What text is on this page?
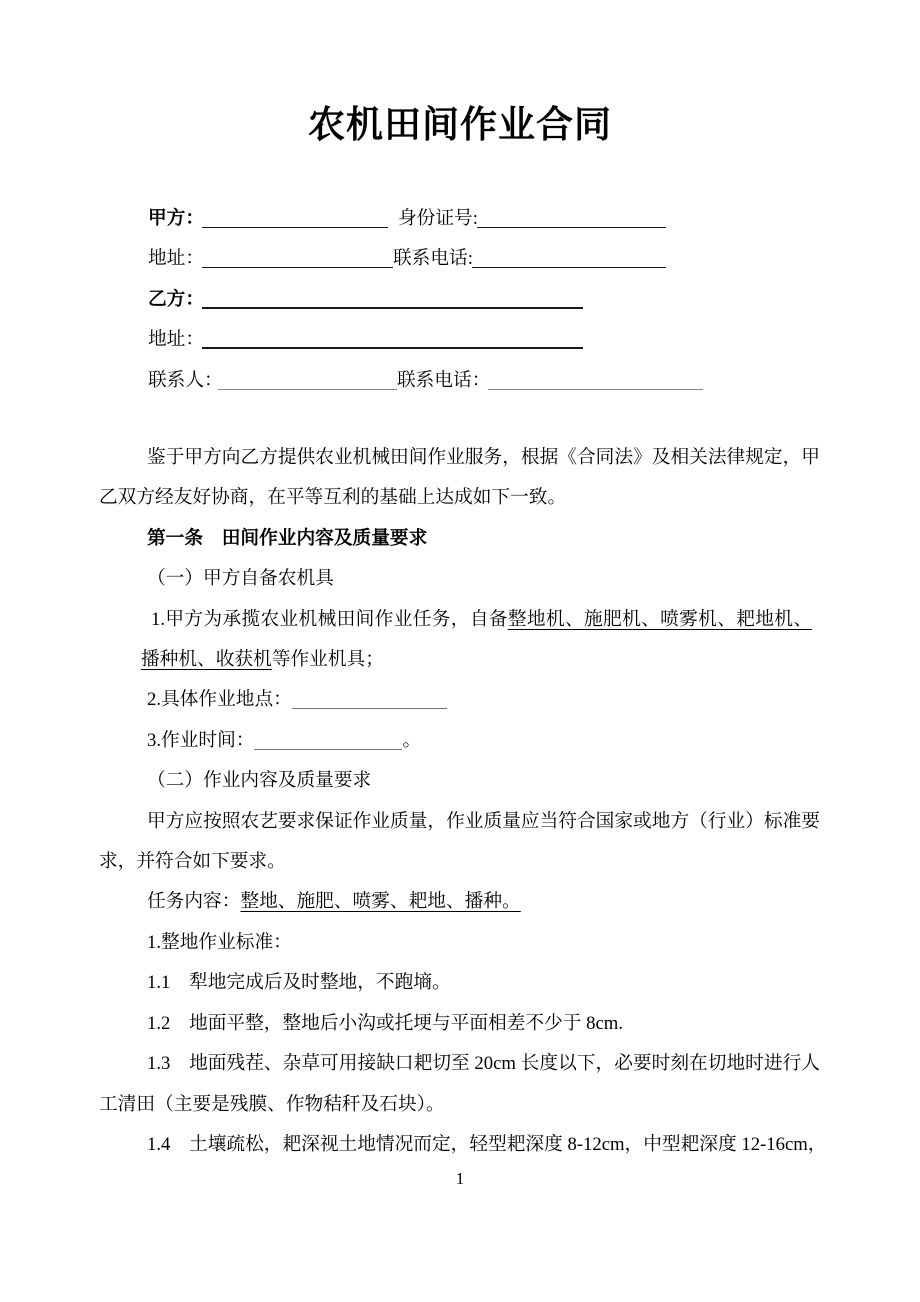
农机田间作业合同
甲方：	身份证号:
地址：	联系电话:
乙方：
地址：
联系人：	联系电话：

鉴于甲方向乙方提供农业机械田间作业服务，根据《合同法》及相关法律规定，甲乙双方经友好协商，在平等互利的基础上达成如下一致。

第一条　田间作业内容及质量要求

（一）甲方自备农机具

1.甲方为承揽农业机械田间作业任务，自备整地机、施肥机、喷雾机、耙地机、播种机、收获机等作业机具；

2.具体作业地点：

3.作业时间：	。

（二）作业内容及质量要求

甲方应按照农艺要求保证作业质量，作业质量应当符合国家或地方（行业）标准要求，并符合如下要求。

任务内容：整地、施肥、喷雾、耙地、播种。

1.整地作业标准：

1.1　犁地完成后及时整地，不跑墒。

1.2　地面平整，整地后小沟或托埂与平面相差不少于 8cm.

1.3　地面残茬、杂草可用接缺口耙切至 20cm 长度以下，必要时刻在切地时进行人工清田（主要是残膜、作物秸秆及石块）。

1.4　土壤疏松，耙深视土地情况而定，轻型耙深度 8-12cm，中型耙深度 12-16cm，

1
